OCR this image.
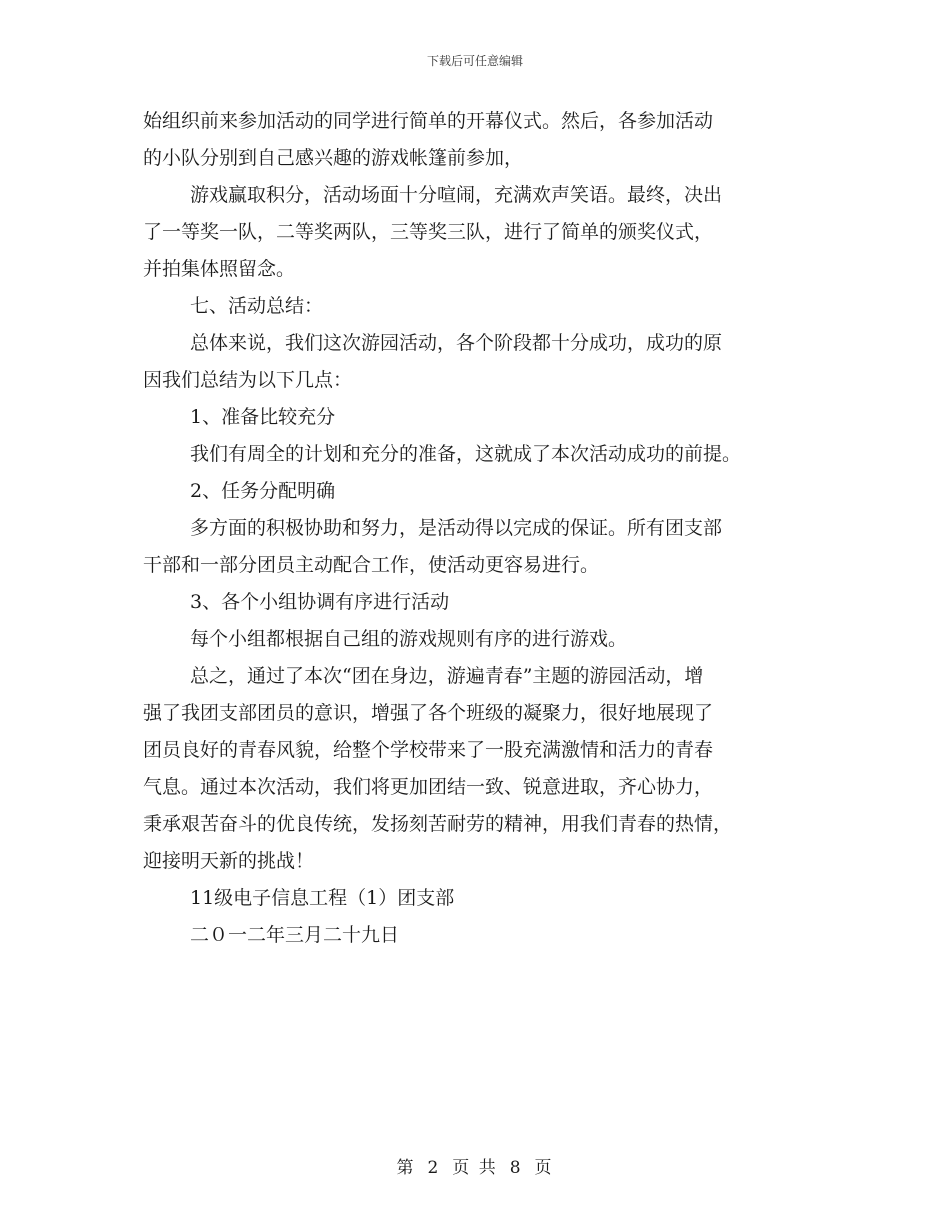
下载后可任意编辑

始组织前来参加活动的同学进行简单的开幕仪式。然后，各参加活动

的小队分别到自己感兴趣的游戏帐篷前参加，

游戏赢取积分，活动场面十分喧闹，充满欢声笑语。最终，决出

了一等奖一队，二等奖两队，三等奖三队，进行了简单的颁奖仪式，

并拍集体照留念。

七、活动总结：

总体来说，我们这次游园活动，各个阶段都十分成功，成功的原

因我们总结为以下几点：

1、准备比较充分

我们有周全的计划和充分的准备，这就成了本次活动成功的前提。

2、任务分配明确

多方面的积极协助和努力，是活动得以完成的保证。所有团支部

干部和一部分团员主动配合工作，使活动更容易进行。

3、各个小组协调有序进行活动

每个小组都根据自己组的游戏规则有序的进行游戏。

总之，通过了本次“团在身边，游遍青春”主题的游园活动，增

强了我团支部团员的意识，增强了各个班级的凝聚力，很好地展现了

团员良好的青春风貌，给整个学校带来了一股充满激情和活力的青春

气息。通过本次活动，我们将更加团结一致、锐意进取，齐心协力，

秉承艰苦奋斗的优良传统，发扬刻苦耐劳的精神，用我们青春的热情，

迎接明天新的挑战！

11级电子信息工程（1）团支部

二０一二年三月二十九日

第 2 页 共 8 页
